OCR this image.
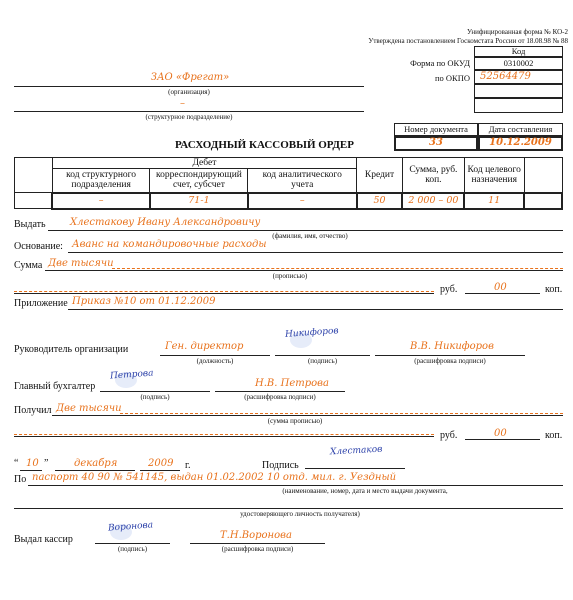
Унифицированная форма № КО-2
Утверждена постановлением Госкомстата России от 18.08.98 № 88
Код
Форма по ОКУД	0310002
по ОКПО 52564479
ЗАО «Фрегат»
(организация)
–
(структурное подразделение)
РАСХОДНЫЙ КАССОВЫЙ ОРДЕР
Номер документа	Дата составления
33	10.12.2009
	Дебет			Кредит	Сумма, руб. коп.	Код целевого назначения	
	код структурного подразделения	корреспондирующий счет, субсчет	код аналитического учета				
	–	71-1	–	50	2 000 – 00	11	
Выдать Хлестакову Ивану Александровичу
(фамилия, имя, отчество)
Основание: Аванс на командировочные расходы
Сумма Две тысячи
(прописью)
руб.	00	коп.
Приложение Приказ №10 от 01.12.2009
Руководитель организации	Ген. директор
(должность)
Никифоров
(подпись)
В.В. Никифоров
(расшифровка подписи)
Главный бухгалтер
Петрова
(подпись)
Н.В. Петрова
(расшифровка подписи)
Получил Две тысячи
(сумма прописью)
руб.	00	коп.
“ 10 ”	декабря	2009 г.	Подпись
Хлестаков
По паспорт 40 90 № 541145, выдан 01.02.2002 10 отд. мил. г. Уездный
(наименование, номер, дата и место выдачи документа,
удостоверяющего личность получателя)
Выдал кассир
Воронова
(подпись)
Т.Н.Воронова
(расшифровка подписи)
